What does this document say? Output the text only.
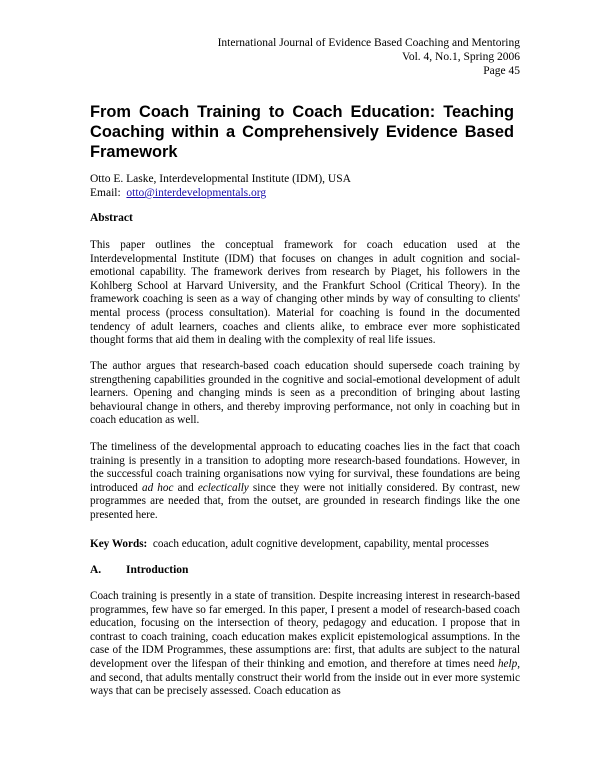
International Journal of Evidence Based Coaching and Mentoring
Vol. 4, No.1, Spring 2006
Page 45
From Coach Training to Coach Education: Teaching Coaching within a Comprehensively Evidence Based Framework
Otto E. Laske, Interdevelopmental Institute (IDM), USA
Email: otto@interdevelopmentals.org
Abstract

This paper outlines the conceptual framework for coach education used at the Interdevelopmental Institute (IDM) that focuses on changes in adult cognition and social-emotional capability. The framework derives from research by Piaget, his followers in the Kohlberg School at Harvard University, and the Frankfurt School (Critical Theory). In the framework coaching is seen as a way of changing other minds by way of consulting to clients' mental process (process consultation). Material for coaching is found in the documented tendency of adult learners, coaches and clients alike, to embrace ever more sophisticated thought forms that aid them in dealing with the complexity of real life issues.

The author argues that research-based coach education should supersede coach training by strengthening capabilities grounded in the cognitive and social-emotional development of adult learners. Opening and changing minds is seen as a precondition of bringing about lasting behavioural change in others, and thereby improving performance, not only in coaching but in coach education as well.

The timeliness of the developmental approach to educating coaches lies in the fact that coach training is presently in a transition to adopting more research-based foundations. However, in the successful coach training organisations now vying for survival, these foundations are being introduced ad hoc and eclectically since they were not initially considered. By contrast, new programmes are needed that, from the outset, are grounded in research findings like the one presented here.

Key Words: coach education, adult cognitive development, capability, mental processes
A. Introduction

Coach training is presently in a state of transition. Despite increasing interest in research-based programmes, few have so far emerged. In this paper, I present a model of research-based coach education, focusing on the intersection of theory, pedagogy and education. I propose that in contrast to coach training, coach education makes explicit epistemological assumptions. In the case of the IDM Programmes, these assumptions are: first, that adults are subject to the natural development over the lifespan of their thinking and emotion, and therefore at times need help, and second, that adults mentally construct their world from the inside out in ever more systemic ways that can be precisely assessed. Coach education as
